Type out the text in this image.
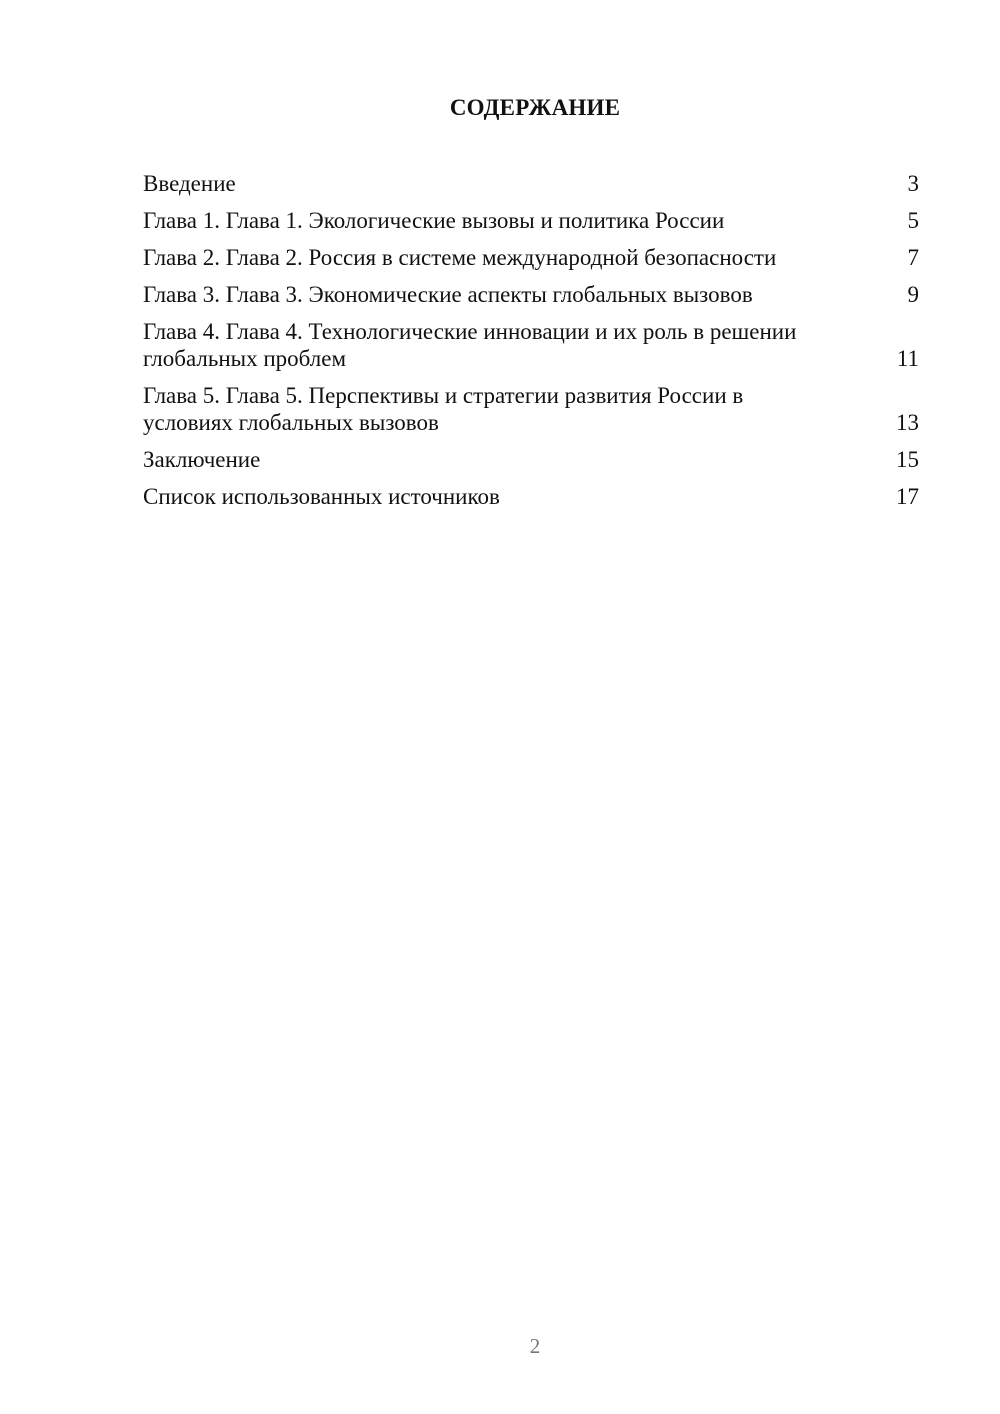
СОДЕРЖАНИЕ
Введение	3
Глава 1. Глава 1. Экологические вызовы и политика России	5
Глава 2. Глава 2. Россия в системе международной безопасности	7
Глава 3. Глава 3. Экономические аспекты глобальных вызовов	9
Глава 4. Глава 4. Технологические инновации и их роль в решении глобальных проблем	11
Глава 5. Глава 5. Перспективы и стратегии развития России в условиях глобальных вызовов	13
Заключение	15
Список использованных источников	17
2
